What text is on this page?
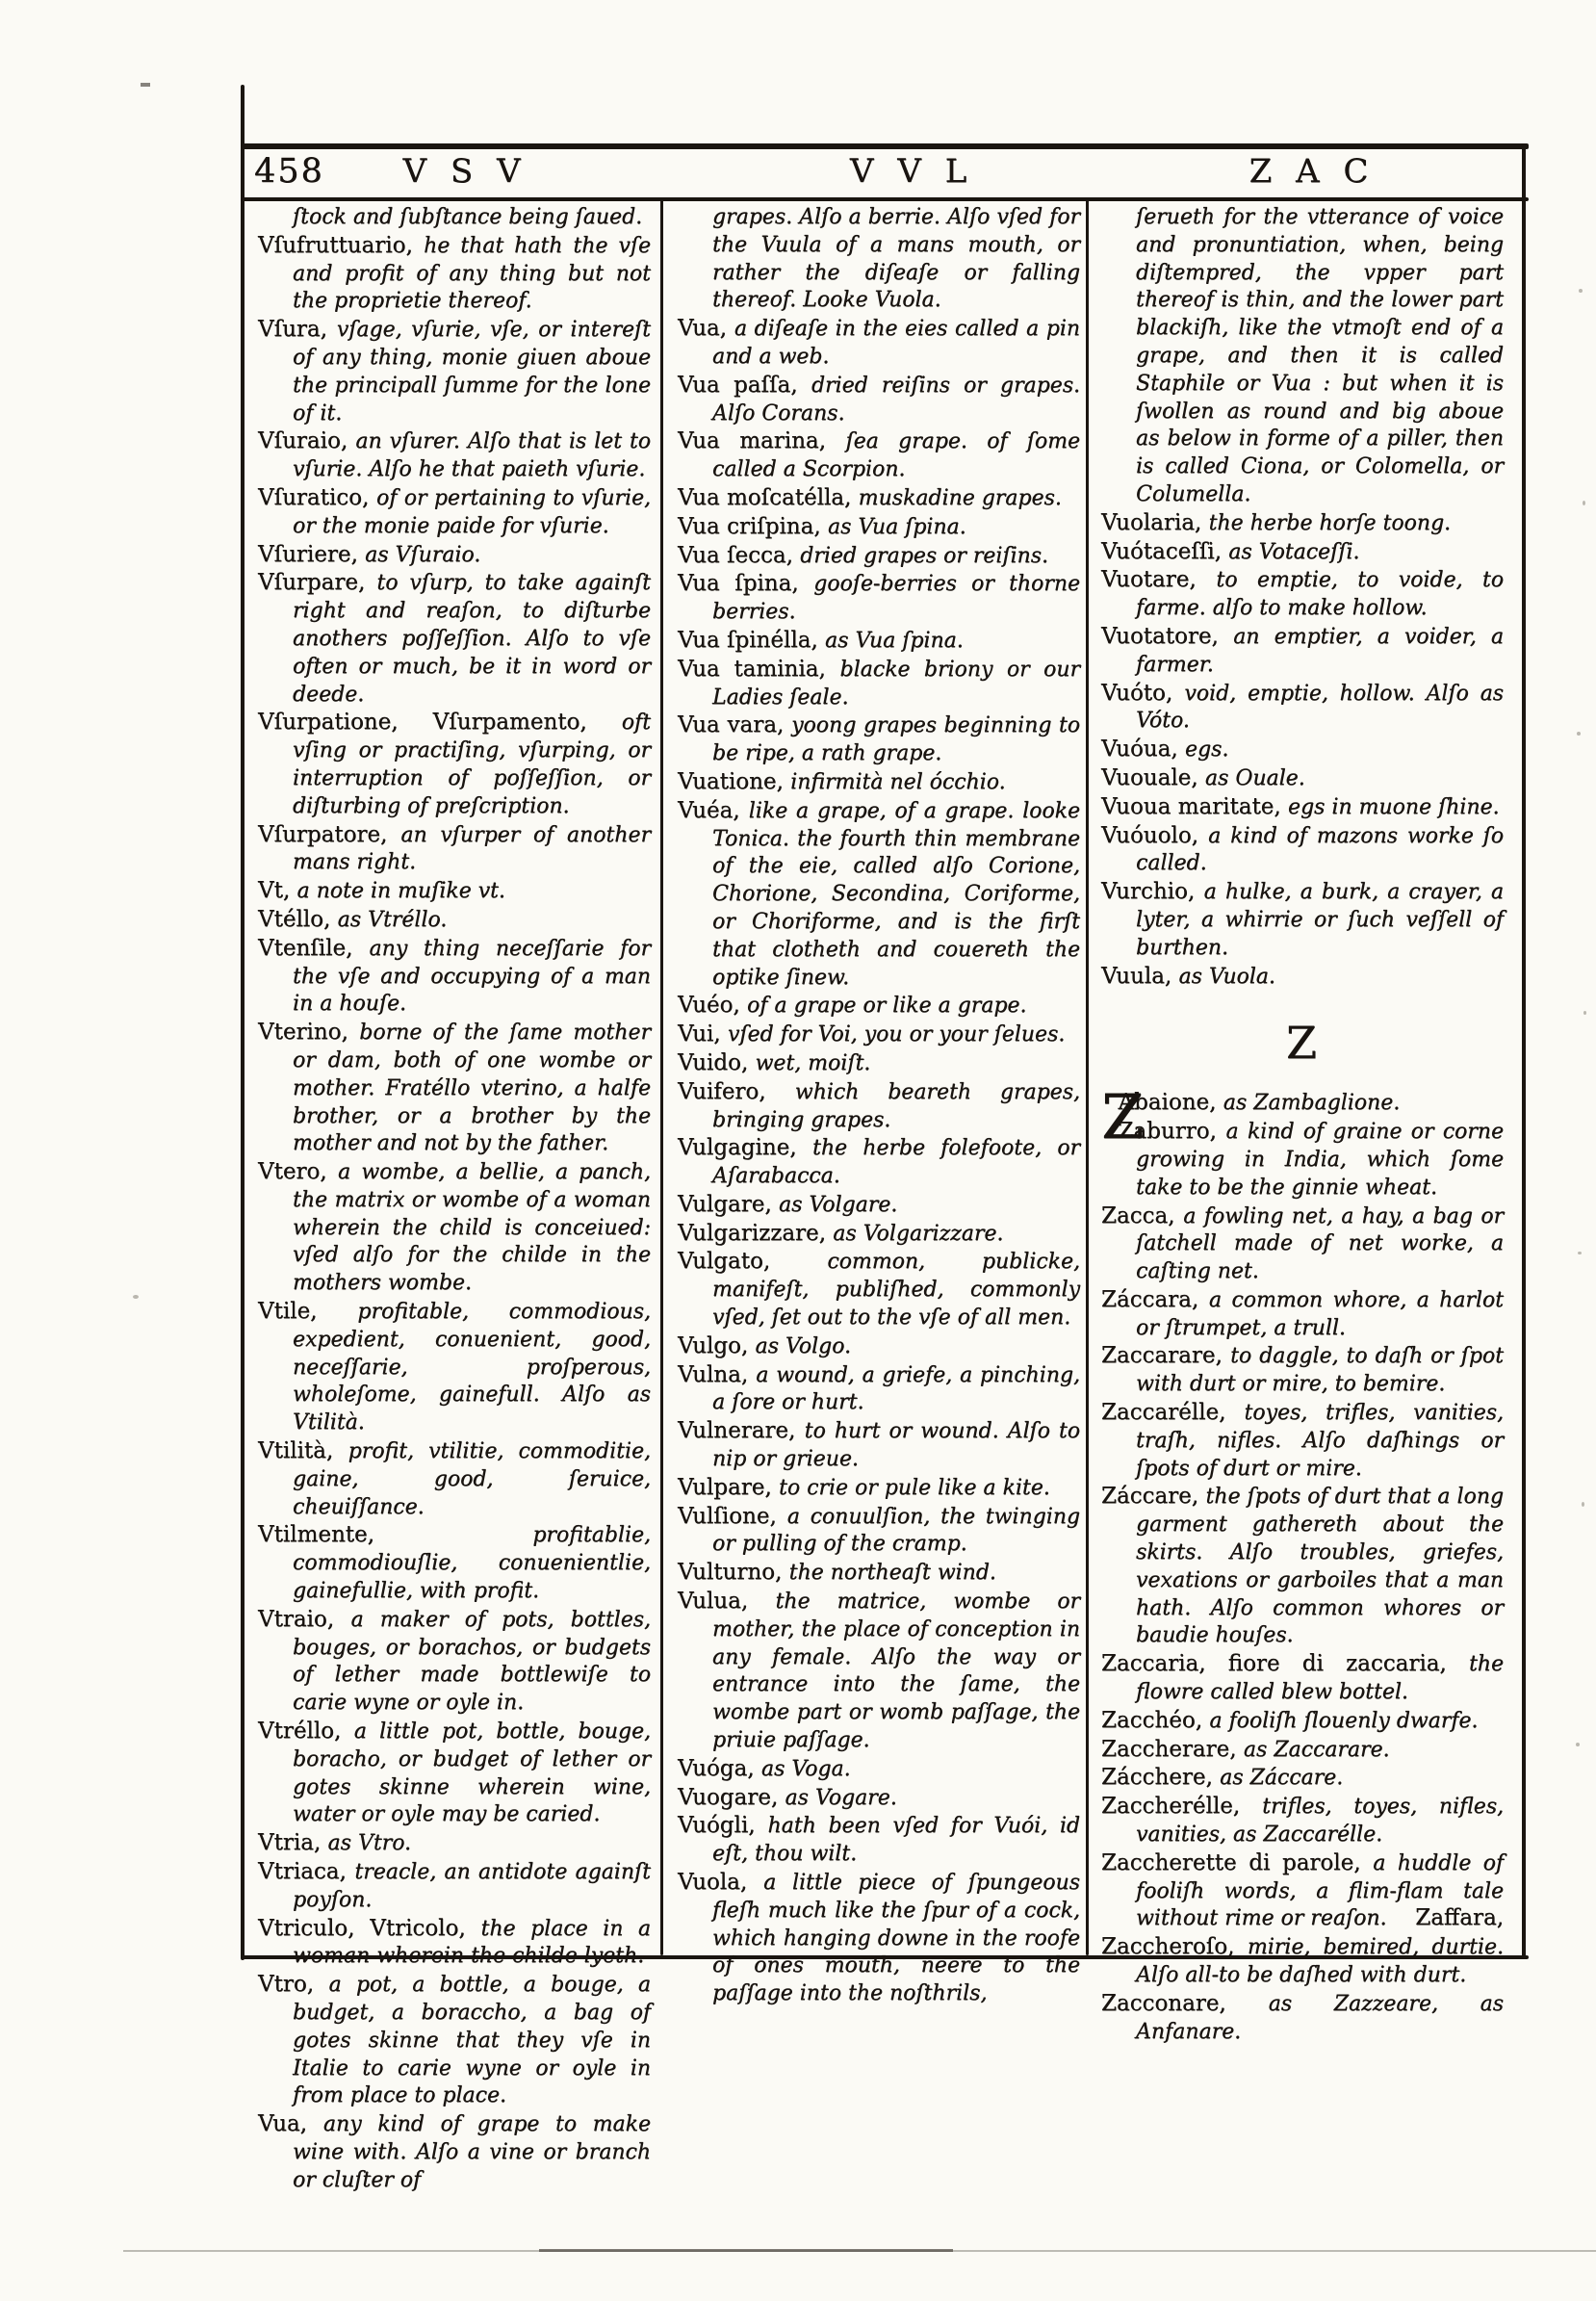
458	V S V	V V L	Z A C

ſtock and ſubſtance being ſaued.

Vſufruttuario, he that hath the vſe and profit of any thing but not the proprietie thereof.

Vſura, vſage, vſurie, vſe, or intereſt of any thing, monie giuen aboue the principall ſumme for the lone of it.

Vſuraio, an vſurer. Alſo that is let to vſurie. Alſo he that paieth vſurie.

Vſuratico, of or pertaining to vſurie, or the monie paide for vſurie.

Vſuriere, as Vſuraio.

Vſurpare, to vſurp, to take againſt right and reaſon, to diſturbe anothers poſſeſſion. Alſo to vſe often or much, be it in word or deede.

Vſurpatione, Vſurpamento, oft vſing or practiſing, vſurping, or interruption of poſſeſſion, or diſturbing of preſcription.

Vſurpatore, an vſurper of another mans right.

Vt, a note in muſike vt.

Vtéllo, as Vtréllo.

Vtenſile, any thing neceſſarie for the vſe and occupying of a man in a houſe.

Vterino, borne of the ſame mother or dam, both of one wombe or mother. Fratéllo vterino, a halfe brother, or a brother by the mother and not by the father.

Vtero, a wombe, a bellie, a panch, the matrix or wombe of a woman wherein the child is conceiued: vſed alſo for the childe in the mothers wombe.

Vtile, profitable, commodious, expedient, conuenient, good, neceſſarie, proſperous, wholeſome, gainefull. Alſo as Vtilità.

Vtilità, profit, vtilitie, commoditie, gaine, good, ſeruice, cheuiſſance.

Vtilmente, profitablie, commodiouſlie, conuenientlie, gainefullie, with profit.

Vtraio, a maker of pots, bottles, bouges, or borachos, or budgets of lether made bottlewiſe to carie wyne or oyle in.

Vtréllo, a little pot, bottle, bouge, boracho, or budget of lether or gotes skinne wherein wine, water or oyle may be caried.

Vtria, as Vtro.

Vtriaca, treacle, an antidote againſt poyſon.

Vtriculo, Vtricolo, the place in a woman wherein the childe lyeth.

Vtro, a pot, a bottle, a bouge, a budget, a boraccho, a bag of gotes skinne that they vſe in Italie to carie wyne or oyle in from place to place.

Vua, any kind of grape to make wine with. Alſo a vine or branch or cluſter of

grapes. Alſo a berrie. Alſo vſed for the Vuula of a mans mouth, or rather the diſeaſe or falling thereof. Looke Vuola.

Vua, a diſeaſe in the eies called a pin and a web.

Vua paſſa, dried reiſins or grapes. Alſo Corans.

Vua marina, ſea grape. of ſome called a Scorpion.

Vua moſcatélla, muskadine grapes.

Vua criſpina, as Vua ſpina.

Vua ſecca, dried grapes or reiſins.

Vua ſpina, gooſe-berries or thorne berries.

Vua ſpinélla, as Vua ſpina.

Vua taminia, blacke briony or our Ladies ſeale.

Vua vara, yoong grapes beginning to be ripe, a rath grape.

Vuatione, infirmità nel ócchio.

Vuéa, like a grape, of a grape. looke Tonica. the fourth thin membrane of the eie, called alſo Corione, Chorione, Secondina, Coriforme, or Choriforme, and is the firſt that clotheth and couereth the optike ſinew.

Vuéo, of a grape or like a grape.

Vui, vſed for Voi, you or your ſelues.

Vuido, wet, moiſt.

Vuifero, which beareth grapes, bringing grapes.

Vulgagine, the herbe folefoote, or Aſarabacca.

Vulgare, as Volgare.

Vulgarizzare, as Volgarizzare.

Vulgato, common, publicke, manifeſt, publiſhed, commonly vſed, ſet out to the vſe of all men.

Vulgo, as Volgo.

Vulna, a wound, a griefe, a pinching, a ſore or hurt.

Vulnerare, to hurt or wound. Alſo to nip or grieue.

Vulpare, to crie or pule like a kite.

Vulſione, a conuulſion, the twinging or pulling of the cramp.

Vulturno, the northeaſt wind.

Vulua, the matrice, wombe or mother, the place of conception in any female. Alſo the way or entrance into the ſame, the wombe part or womb paſſage, the priuie paſſage.

Vuóga, as Voga.

Vuogare, as Vogare.

Vuógli, hath been vſed for Vuói, id eſt, thou wilt.

Vuola, a little piece of ſpungeous fleſh much like the ſpur of a cock, which hanging downe in the roofe of ones mouth, neere to the paſſage into the noſthrils,

ſerueth for the vtterance of voice and pronuntiation, when, being diſtempred, the vpper part thereof is thin, and the lower part blackiſh, like the vtmoſt end of a grape, and then it is called Staphile or Vua : but when it is ſwollen as round and big aboue as below in forme of a piller, then is called Ciona, or Colomella, or Columella.

Vuolaria, the herbe horſe toong.

Vuótaceſſi, as Votaceſſi.

Vuotare, to emptie, to voide, to farme. alſo to make hollow.

Vuotatore, an emptier, a voider, a farmer.

Vuóto, void, emptie, hollow. Alſo as Vóto.

Vuóua, egs.

Vuouale, as Ouale.

Vuoua maritate, egs in muone ſhine.

Vuóuolo, a kind of mazons worke ſo called.

Vurchio, a hulke, a burk, a crayer, a lyter, a whirrie or ſuch veſſell of burthen.

Vuula, as Vuola.

Z
Z

Abaione, as Zambaglione.

Zaburro, a kind of graine or corne growing in India, which ſome take to be the ginnie wheat.

Zacca, a fowling net, a hay, a bag or ſatchell made of net worke, a caſting net.

Záccara, a common whore, a harlot or ſtrumpet, a trull.

Zaccarare, to daggle, to daſh or ſpot with durt or mire, to bemire.

Zaccarélle, toyes, trifles, vanities, traſh, nifles. Alſo daſhings or ſpots of durt or mire.

Záccare, the ſpots of durt that a long garment gathereth about the skirts. Alſo troubles, griefes, vexations or garboiles that a man hath. Alſo common whores or baudie houſes.

Zaccaria, fiore di zaccaria, the flowre called blew bottel.

Zacchéo, a fooliſh ſlouenly dwarfe.

Zaccherare, as Zaccarare.

Zácchere, as Záccare.

Zaccherélle, trifles, toyes, nifles, vanities, as Zaccarélle.

Zaccherette di parole, a huddle of fooliſh words, a flim-flam tale without rime or reaſon.

Zaccheroſo, mirie, bemired, durtie. Alſo all-to be daſhed with durt.

Zacconare, as Zazzeare, as Anfanare.

Zaffara,
